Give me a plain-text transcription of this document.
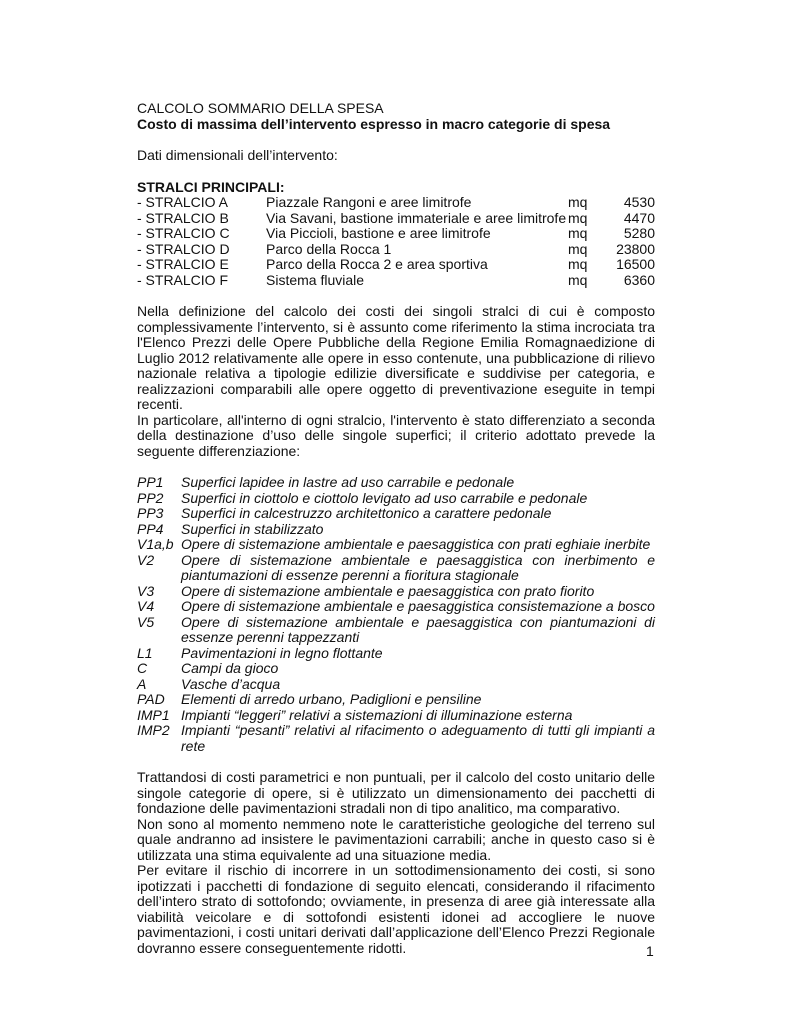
CALCOLO SOMMARIO DELLA SPESA
Costo di massima dell’intervento espresso in macro categorie di spesa
Dati dimensionali dell’intervento:
STRALCI PRINCIPALI:
- STRALCIO A	Piazzale Rangoni e aree limitrofe	mq	4530
- STRALCIO B	Via Savani, bastione immateriale e aree limitrofe mq	4470
- STRALCIO C	Via Piccioli, bastione e aree limitrofe	mq	5280
- STRALCIO D	Parco della Rocca 1	mq	23800
- STRALCIO E	Parco della Rocca 2 e area sportiva	mq	16500
- STRALCIO F	Sistema fluviale	mq	6360

Nella definizione del calcolo dei costi dei singoli stralci di cui è composto complessivamente l’intervento, si è assunto come riferimento la stima incrociata tra l'Elenco Prezzi delle Opere Pubbliche della Regione Emilia Romagnaedizione di Luglio 2012 relativamente alle opere in esso contenute, una pubblicazione di rilievo nazionale relativa a tipologie edilizie diversificate e suddivise per categoria, e realizzazioni comparabili alle opere oggetto di preventivazione eseguite in tempi recenti.

In particolare, all'interno di ogni stralcio, l'intervento è stato differenziato a seconda della destinazione d’uso delle singole superfici; il criterio adottato prevede la seguente differenziazione:

PP1	Superfici lapidee in lastre ad uso carrabile e pedonale
PP2	Superfici in ciottolo e ciottolo levigato ad uso carrabile e pedonale
PP3	Superfici in calcestruzzo architettonico a carattere pedonale
PP4	Superfici in stabilizzato
V1a,b Opere di sistemazione ambientale e paesaggistica con prati eghiaie inerbite
V2	Opere di sistemazione ambientale e paesaggistica con inerbimento e piantumazioni di essenze perenni a fioritura stagionale
V3	Opere di sistemazione ambientale e paesaggistica con prato fiorito
V4	Opere di sistemazione ambientale e paesaggistica consistemazione a bosco
V5	Opere di sistemazione ambientale e paesaggistica con piantumazioni di essenze perenni tappezzanti
L1	Pavimentazioni in legno flottante
C	Campi da gioco
A	Vasche d’acqua
PAD	Elementi di arredo urbano, Padiglioni e pensiline
IMP1 Impianti “leggeri” relativi a sistemazioni di illuminazione esterna
IMP2 Impianti “pesanti” relativi al rifacimento o adeguamento di tutti gli impianti a rete

Trattandosi di costi parametrici e non puntuali, per il calcolo del costo unitario delle singole categorie di opere, si è utilizzato un dimensionamento dei pacchetti di fondazione delle pavimentazioni stradali non di tipo analitico, ma comparativo.

Non sono al momento nemmeno note le caratteristiche geologiche del terreno sul quale andranno ad insistere le pavimentazioni carrabili; anche in questo caso si è utilizzata una stima equivalente ad una situazione media.

Per evitare il rischio di incorrere in un sottodimensionamento dei costi, si sono ipotizzati i pacchetti di fondazione di seguito elencati, considerando il rifacimento dell’intero strato di sottofondo; ovviamente, in presenza di aree già interessate alla viabilità veicolare e di sottofondi esistenti idonei ad accogliere le nuove pavimentazioni, i costi unitari derivati dall’applicazione dell’Elenco Prezzi Regionale dovranno essere conseguentemente ridotti.	1
